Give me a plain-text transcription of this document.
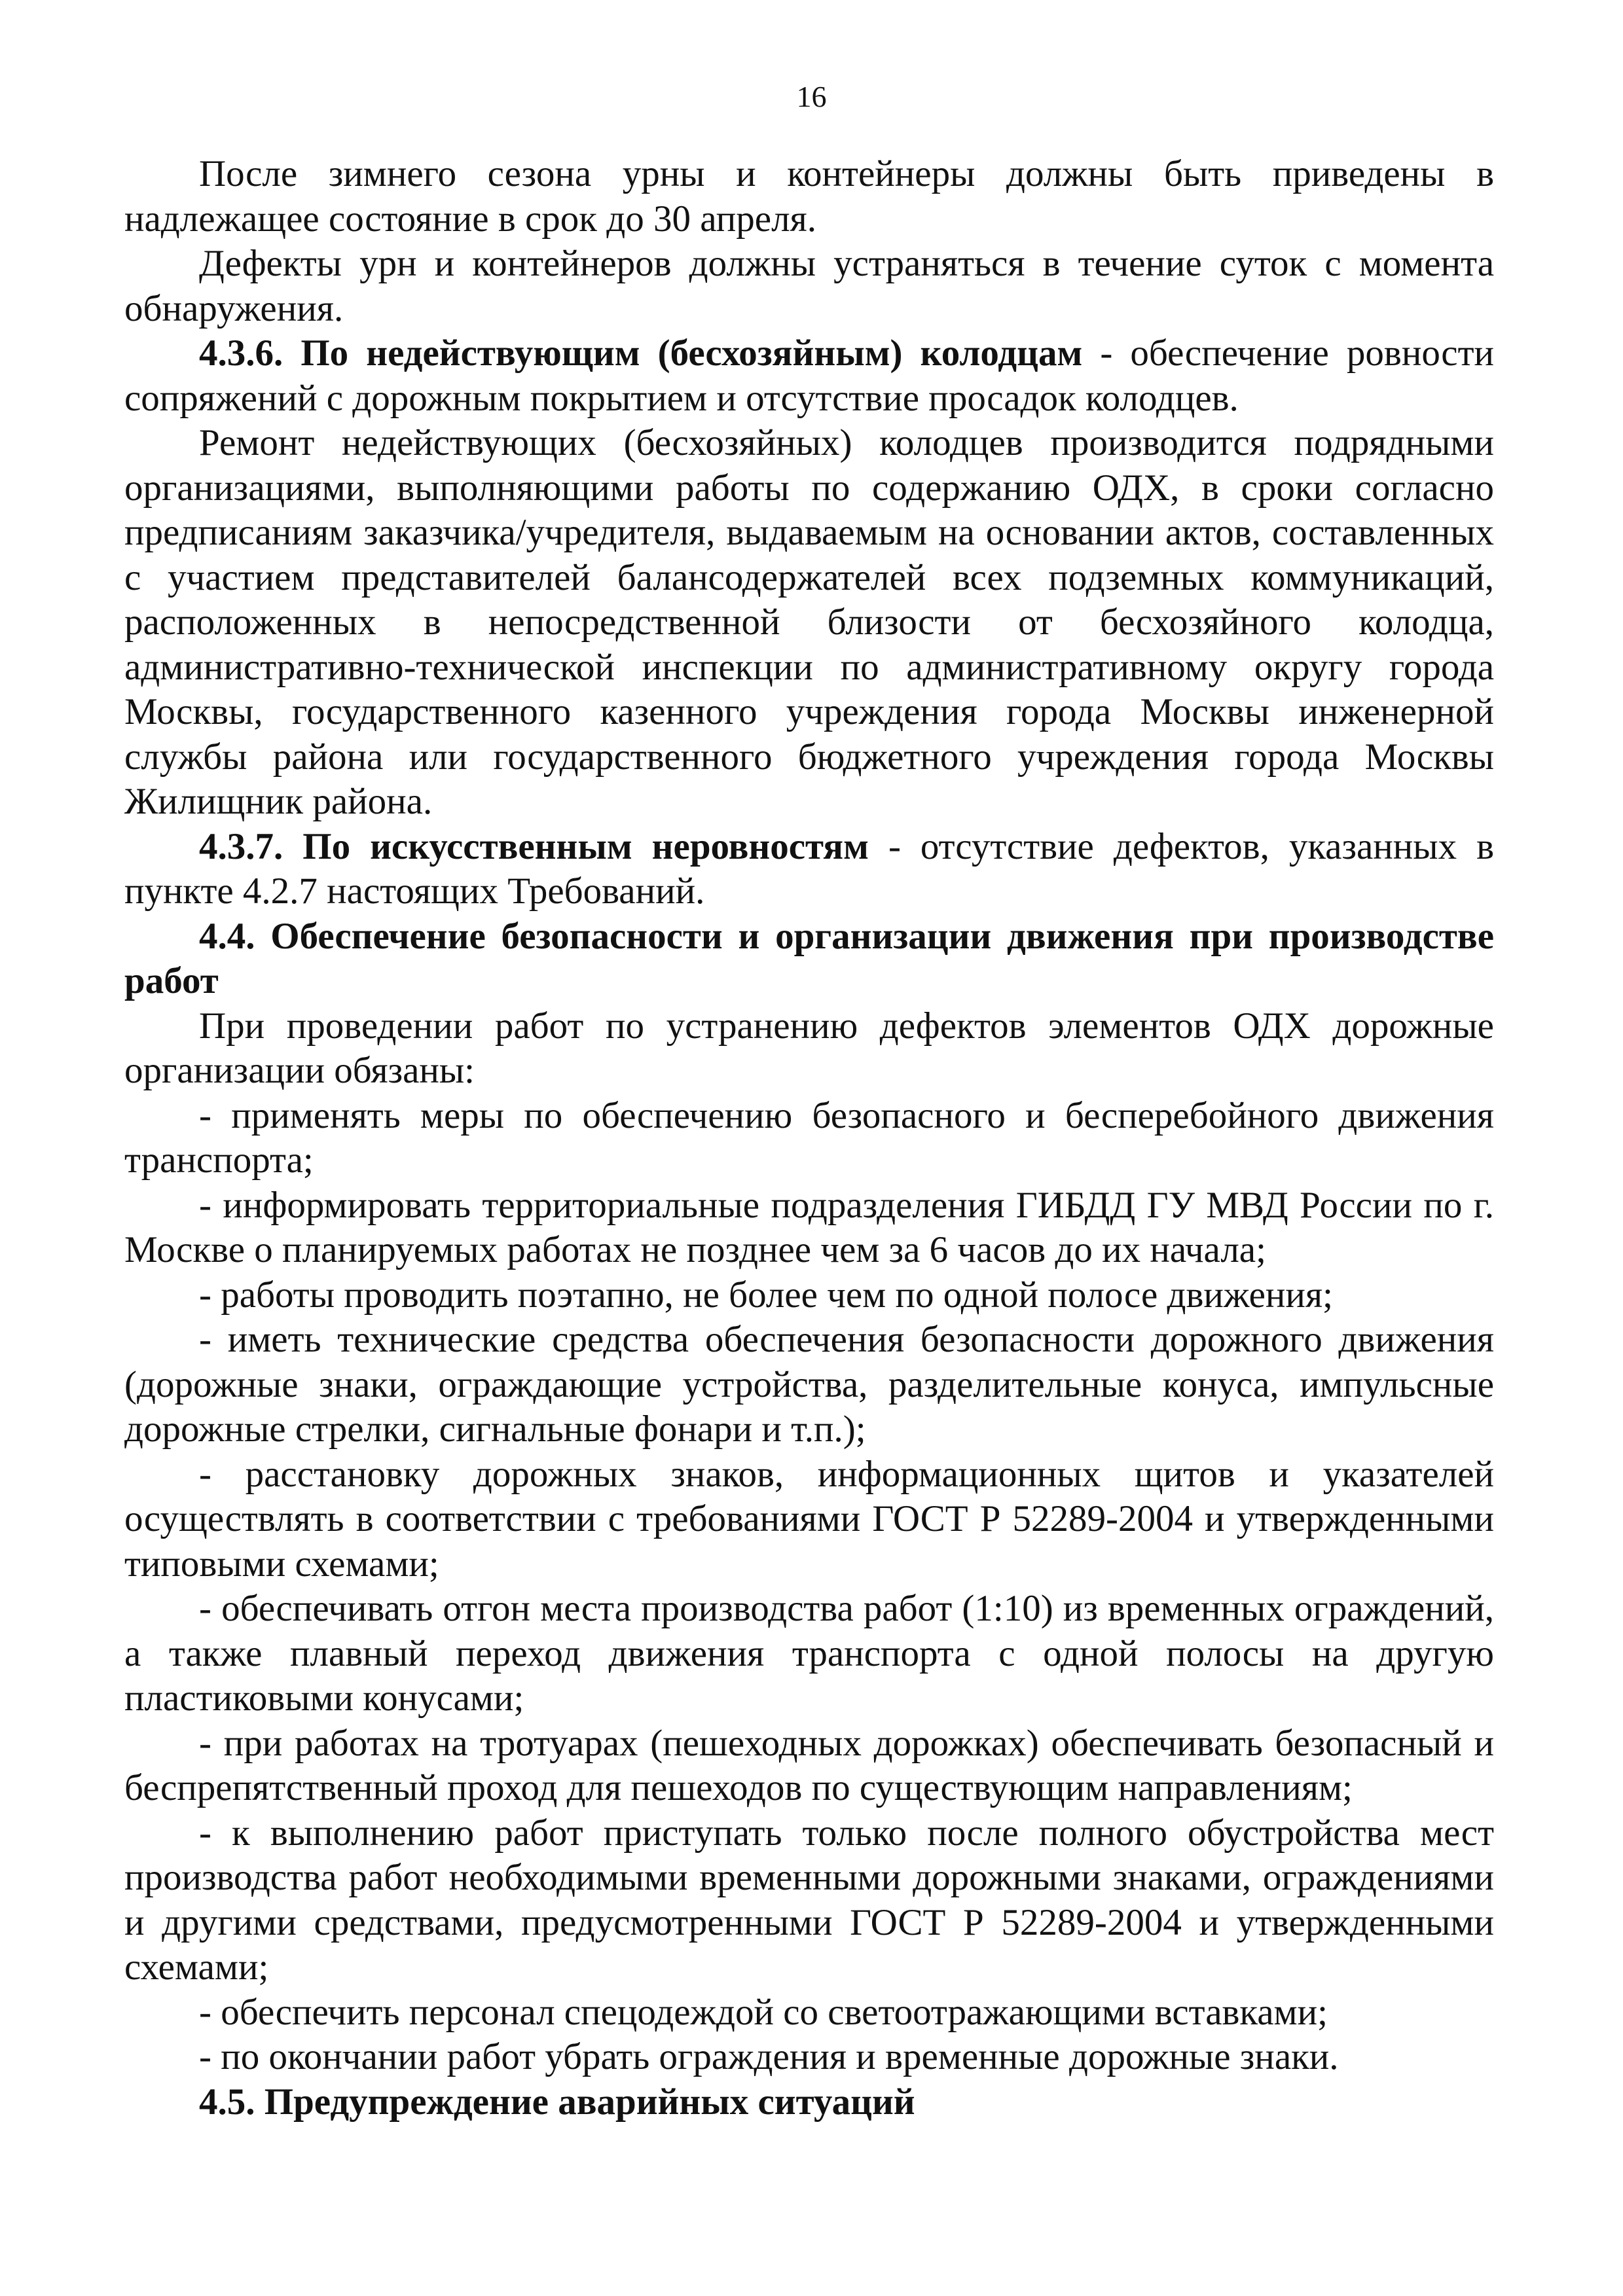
16

После зимнего сезона урны и контейнеры должны быть приведены в надлежащее состояние в срок до 30 апреля.

Дефекты урн и контейнеров должны устраняться в течение суток с момента обнаружения.

4.3.6. По недействующим (бесхозяйным) колодцам - обеспечение ровности сопряжений с дорожным покрытием и отсутствие просадок колодцев.

Ремонт недействующих (бесхозяйных) колодцев производится подрядными организациями, выполняющими работы по содержанию ОДХ, в сроки согласно предписаниям заказчика/учредителя, выдаваемым на основании актов, составленных с участием представителей балансодержателей всех подземных коммуникаций, расположенных в непосредственной близости от бесхозяйного колодца, административно-технической инспекции по административному округу города Москвы, государственного казенного учреждения города Москвы инженерной службы района или государственного бюджетного учреждения города Москвы Жилищник района.

4.3.7. По искусственным неровностям - отсутствие дефектов, указанных в пункте 4.2.7 настоящих Требований.

4.4. Обеспечение безопасности и организации движения при производстве работ

При проведении работ по устранению дефектов элементов ОДХ дорожные организации обязаны:

- применять меры по обеспечению безопасного и бесперебойного движения транспорта;

- информировать территориальные подразделения ГИБДД ГУ МВД России по г. Москве о планируемых работах не позднее чем за 6 часов до их начала;

- работы проводить поэтапно, не более чем по одной полосе движения;

- иметь технические средства обеспечения безопасности дорожного движения (дорожные знаки, ограждающие устройства, разделительные конуса, импульсные дорожные стрелки, сигнальные фонари и т.п.);

- расстановку дорожных знаков, информационных щитов и указателей осуществлять в соответствии с требованиями ГОСТ Р 52289-2004 и утвержденными типовыми схемами;

- обеспечивать отгон места производства работ (1:10) из временных ограждений, а также плавный переход движения транспорта с одной полосы на другую пластиковыми конусами;

- при работах на тротуарах (пешеходных дорожках) обеспечивать безопасный и беспрепятственный проход для пешеходов по существующим направлениям;

- к выполнению работ приступать только после полного обустройства мест производства работ необходимыми временными дорожными знаками, ограждениями и другими средствами, предусмотренными ГОСТ Р 52289-2004 и утвержденными схемами;

- обеспечить персонал спецодеждой со светоотражающими вставками;

- по окончании работ убрать ограждения и временные дорожные знаки.

4.5. Предупреждение аварийных ситуаций
